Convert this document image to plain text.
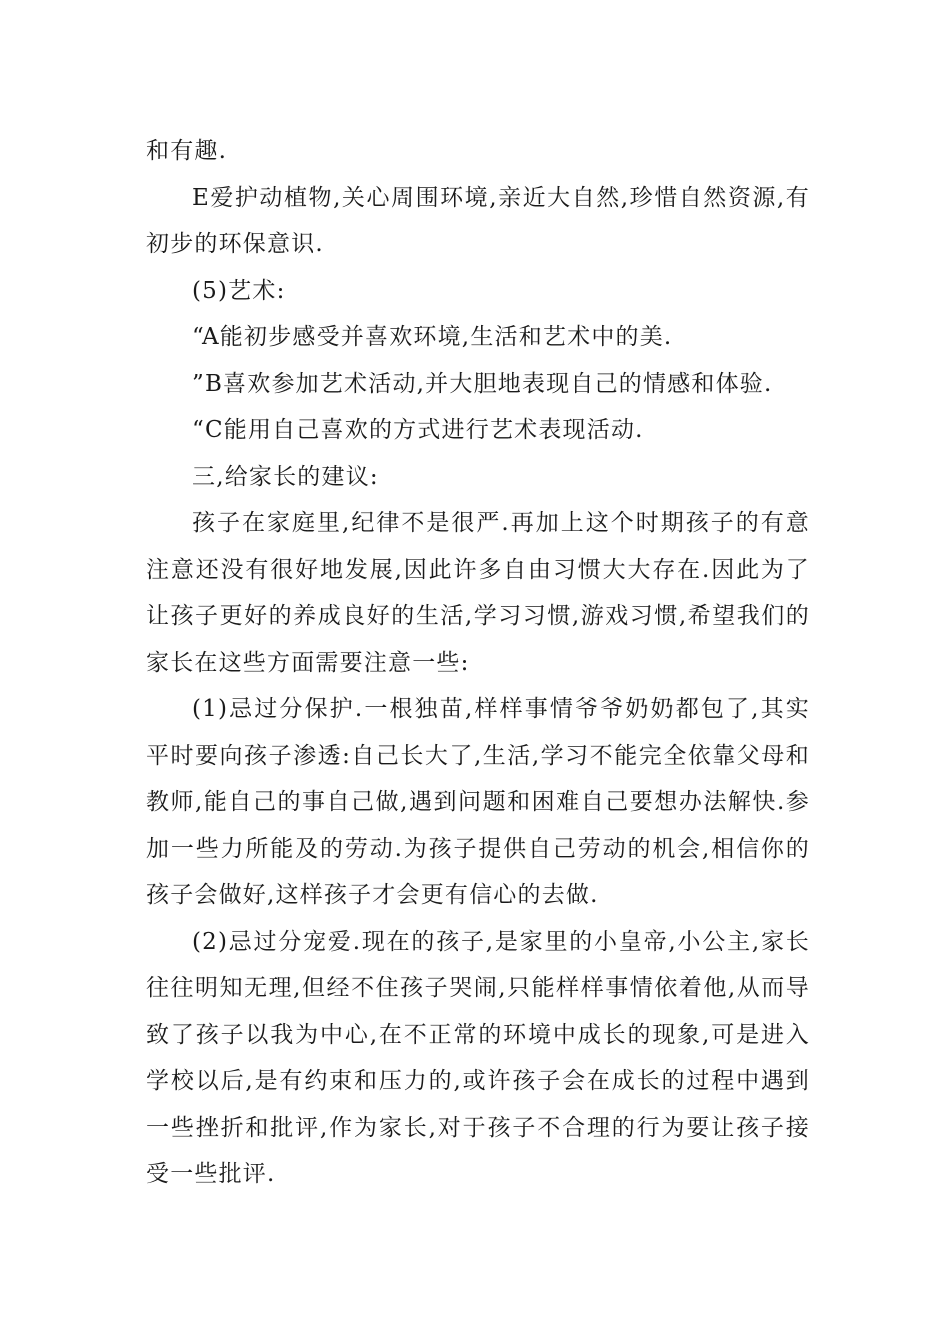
和有趣.

E爱护动植物,关心周围环境,亲近大自然,珍惜自然资源,有初步的环保意识.

(5)艺术:

“A能初步感受并喜欢环境,生活和艺术中的美.

”B喜欢参加艺术活动,并大胆地表现自己的情感和体验.

“C能用自己喜欢的方式进行艺术表现活动.

三,给家长的建议:

孩子在家庭里,纪律不是很严.再加上这个时期孩子的有意注意还没有很好地发展,因此许多自由习惯大大存在.因此为了让孩子更好的养成良好的生活,学习习惯,游戏习惯,希望我们的家长在这些方面需要注意一些:

(1)忌过分保护.一根独苗,样样事情爷爷奶奶都包了,其实平时要向孩子渗透:自己长大了,生活,学习不能完全依靠父母和教师,能自己的事自己做,遇到问题和困难自己要想办法解快.参加一些力所能及的劳动.为孩子提供自己劳动的机会,相信你的孩子会做好,这样孩子才会更有信心的去做.

(2)忌过分宠爱.现在的孩子,是家里的小皇帝,小公主,家长往往明知无理,但经不住孩子哭闹,只能样样事情依着他,从而导致了孩子以我为中心,在不正常的环境中成长的现象,可是进入学校以后,是有约束和压力的,或许孩子会在成长的过程中遇到一些挫折和批评,作为家长,对于孩子不合理的行为要让孩子接受一些批评.
